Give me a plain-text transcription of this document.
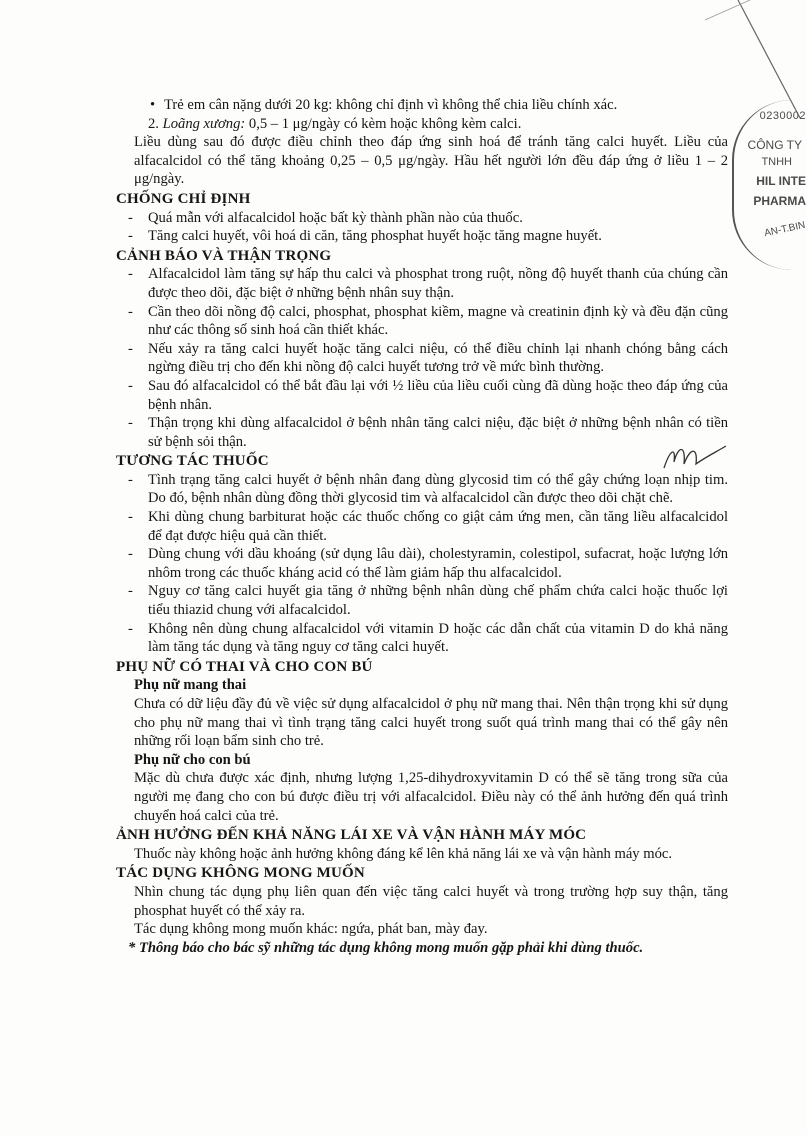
0230002
CÔNG TY
TNHH
HIL INTE
PHARMA
AN-T.BIN
• Trẻ em cân nặng dưới 20 kg: không chỉ định vì không thể chia liều chính xác.

2. Loãng xương: 0,5 – 1 μg/ngày có kèm hoặc không kèm calci.

Liều dùng sau đó được điều chỉnh theo đáp ứng sinh hoá để tránh tăng calci huyết. Liều của alfacalcidol có thể tăng khoảng 0,25 – 0,5 μg/ngày. Hầu hết người lớn đều đáp ứng ở liều 1 – 2 μg/ngày.

CHỐNG CHỈ ĐỊNH

- Quá mẫn với alfacalcidol hoặc bất kỳ thành phần nào của thuốc.
- Tăng calci huyết, vôi hoá di căn, tăng phosphat huyết hoặc tăng magne huyết.

CẢNH BÁO VÀ THẬN TRỌNG

- Alfacalcidol làm tăng sự hấp thu calci và phosphat trong ruột, nồng độ huyết thanh của chúng cần được theo dõi, đặc biệt ở những bệnh nhân suy thận.
- Cần theo dõi nồng độ calci, phosphat, phosphat kiềm, magne và creatinin định kỳ và đều đặn cũng như các thông số sinh hoá cần thiết khác.
- Nếu xảy ra tăng calci huyết hoặc tăng calci niệu, có thể điều chỉnh lại nhanh chóng bằng cách ngừng điều trị cho đến khi nồng độ calci huyết tương trở về mức bình thường.
- Sau đó alfacalcidol có thể bắt đầu lại với ½ liều của liều cuối cùng đã dùng hoặc theo đáp ứng của bệnh nhân.
- Thận trọng khi dùng alfacalcidol ở bệnh nhân tăng calci niệu, đặc biệt ở những bệnh nhân có tiền sử bệnh sỏi thận.

TƯƠNG TÁC THUỐC

- Tình trạng tăng calci huyết ở bệnh nhân đang dùng glycosid tim có thể gây chứng loạn nhịp tim. Do đó, bệnh nhân dùng đồng thời glycosid tim và alfacalcidol cần được theo dõi chặt chẽ.
- Khi dùng chung barbiturat hoặc các thuốc chống co giật cảm ứng men, cần tăng liều alfacalcidol để đạt được hiệu quả cần thiết.
- Dùng chung với dầu khoáng (sử dụng lâu dài), cholestyramin, colestipol, sufacrat, hoặc lượng lớn nhôm trong các thuốc kháng acid có thể làm giảm hấp thu alfacalcidol.
- Nguy cơ tăng calci huyết gia tăng ở những bệnh nhân dùng chế phẩm chứa calci hoặc thuốc lợi tiểu thiazid chung với alfacalcidol.
- Không nên dùng chung alfacalcidol với vitamin D hoặc các dẫn chất của vitamin D do khả năng làm tăng tác dụng và tăng nguy cơ tăng calci huyết.

PHỤ NỮ CÓ THAI VÀ CHO CON BÚ

Phụ nữ mang thai

Chưa có dữ liệu đầy đủ về việc sử dụng alfacalcidol ở phụ nữ mang thai. Nên thận trọng khi sử dụng cho phụ nữ mang thai vì tình trạng tăng calci huyết trong suốt quá trình mang thai có thể gây nên những rối loạn bẩm sinh cho trẻ.

Phụ nữ cho con bú

Mặc dù chưa được xác định, nhưng lượng 1,25-dihydroxyvitamin D có thể sẽ tăng trong sữa của người mẹ đang cho con bú được điều trị với alfacalcidol. Điều này có thể ảnh hưởng đến quá trình chuyển hoá calci của trẻ.

ẢNH HƯỞNG ĐẾN KHẢ NĂNG LÁI XE VÀ VẬN HÀNH MÁY MÓC

Thuốc này không hoặc ảnh hưởng không đáng kể lên khả năng lái xe và vận hành máy móc.

TÁC DỤNG KHÔNG MONG MUỐN

Nhìn chung tác dụng phụ liên quan đến việc tăng calci huyết và trong trường hợp suy thận, tăng phosphat huyết có thể xảy ra.

Tác dụng không mong muốn khác: ngứa, phát ban, mày đay.

* Thông báo cho bác sỹ những tác dụng không mong muốn gặp phải khi dùng thuốc.
